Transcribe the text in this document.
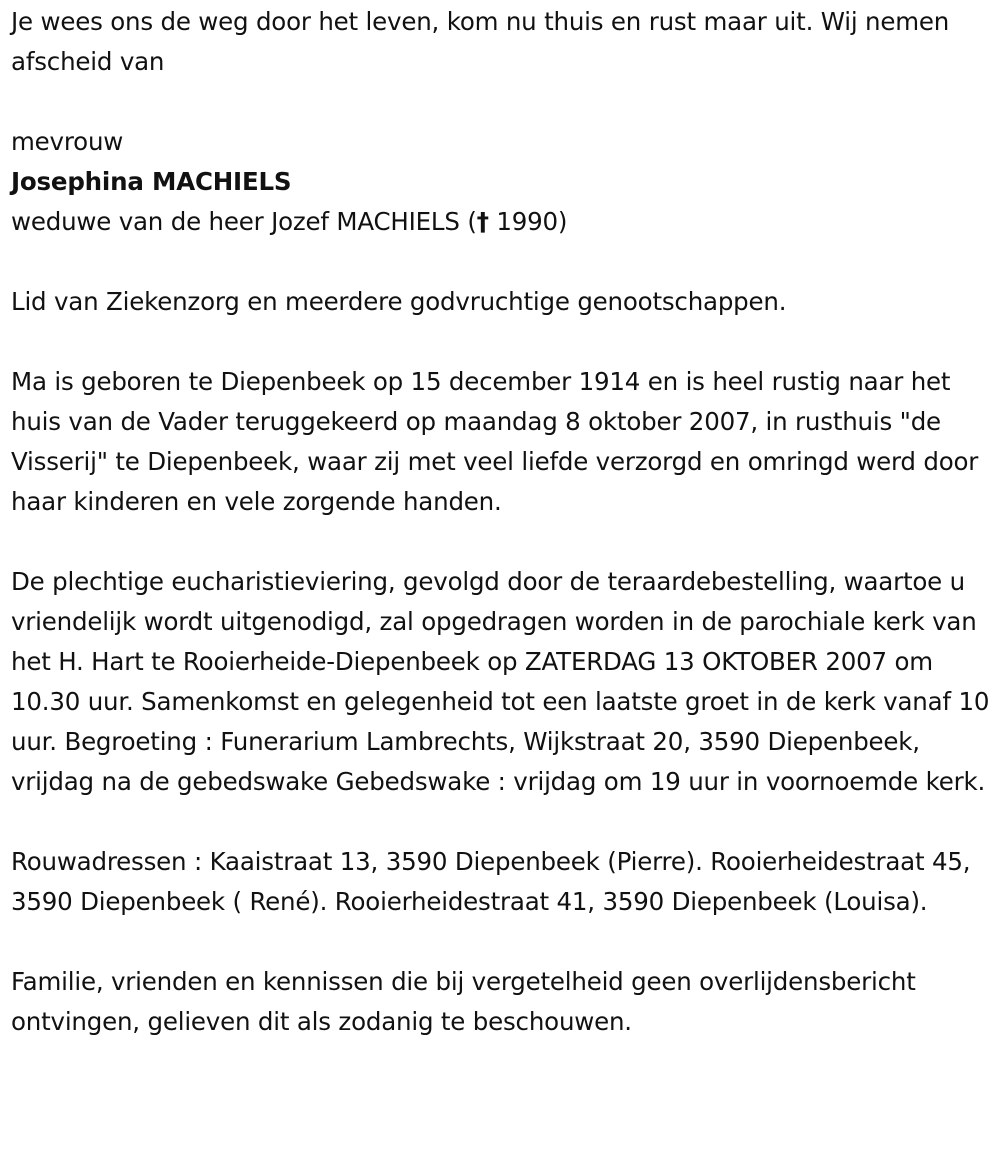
Je wees ons de weg door het leven, kom nu thuis en rust maar uit. Wij nemen afscheid van

mevrouw

Josephina MACHIELS

weduwe van de heer Jozef MACHIELS († 1990)

Lid van Ziekenzorg en meerdere godvruchtige genootschappen.

Ma is geboren te Diepenbeek op 15 december 1914 en is heel rustig naar het huis van de Vader teruggekeerd op maandag 8 oktober 2007, in rusthuis "de Visserij" te Diepenbeek, waar zij met veel liefde verzorgd en omringd werd door haar kinderen en vele zorgende handen.

De plechtige eucharistieviering, gevolgd door de teraardebestelling, waartoe u vriendelijk wordt uitgenodigd, zal opgedragen worden in de parochiale kerk van het H. Hart te Rooierheide-Diepenbeek op ZATERDAG 13 OKTOBER 2007 om 10.30 uur. Samenkomst en gelegenheid tot een laatste groet in de kerk vanaf 10 uur. Begroeting : Funerarium Lambrechts, Wijkstraat 20, 3590 Diepenbeek, vrijdag na de gebedswake Gebedswake : vrijdag om 19 uur in voornoemde kerk.

Rouwadressen : Kaaistraat 13, 3590 Diepenbeek (Pierre). Rooierheidestraat 45, 3590 Diepenbeek ( René). Rooierheidestraat 41, 3590 Diepenbeek (Louisa).

Familie, vrienden en kennissen die bij vergetelheid geen overlijdensbericht ontvingen, gelieven dit als zodanig te beschouwen.
